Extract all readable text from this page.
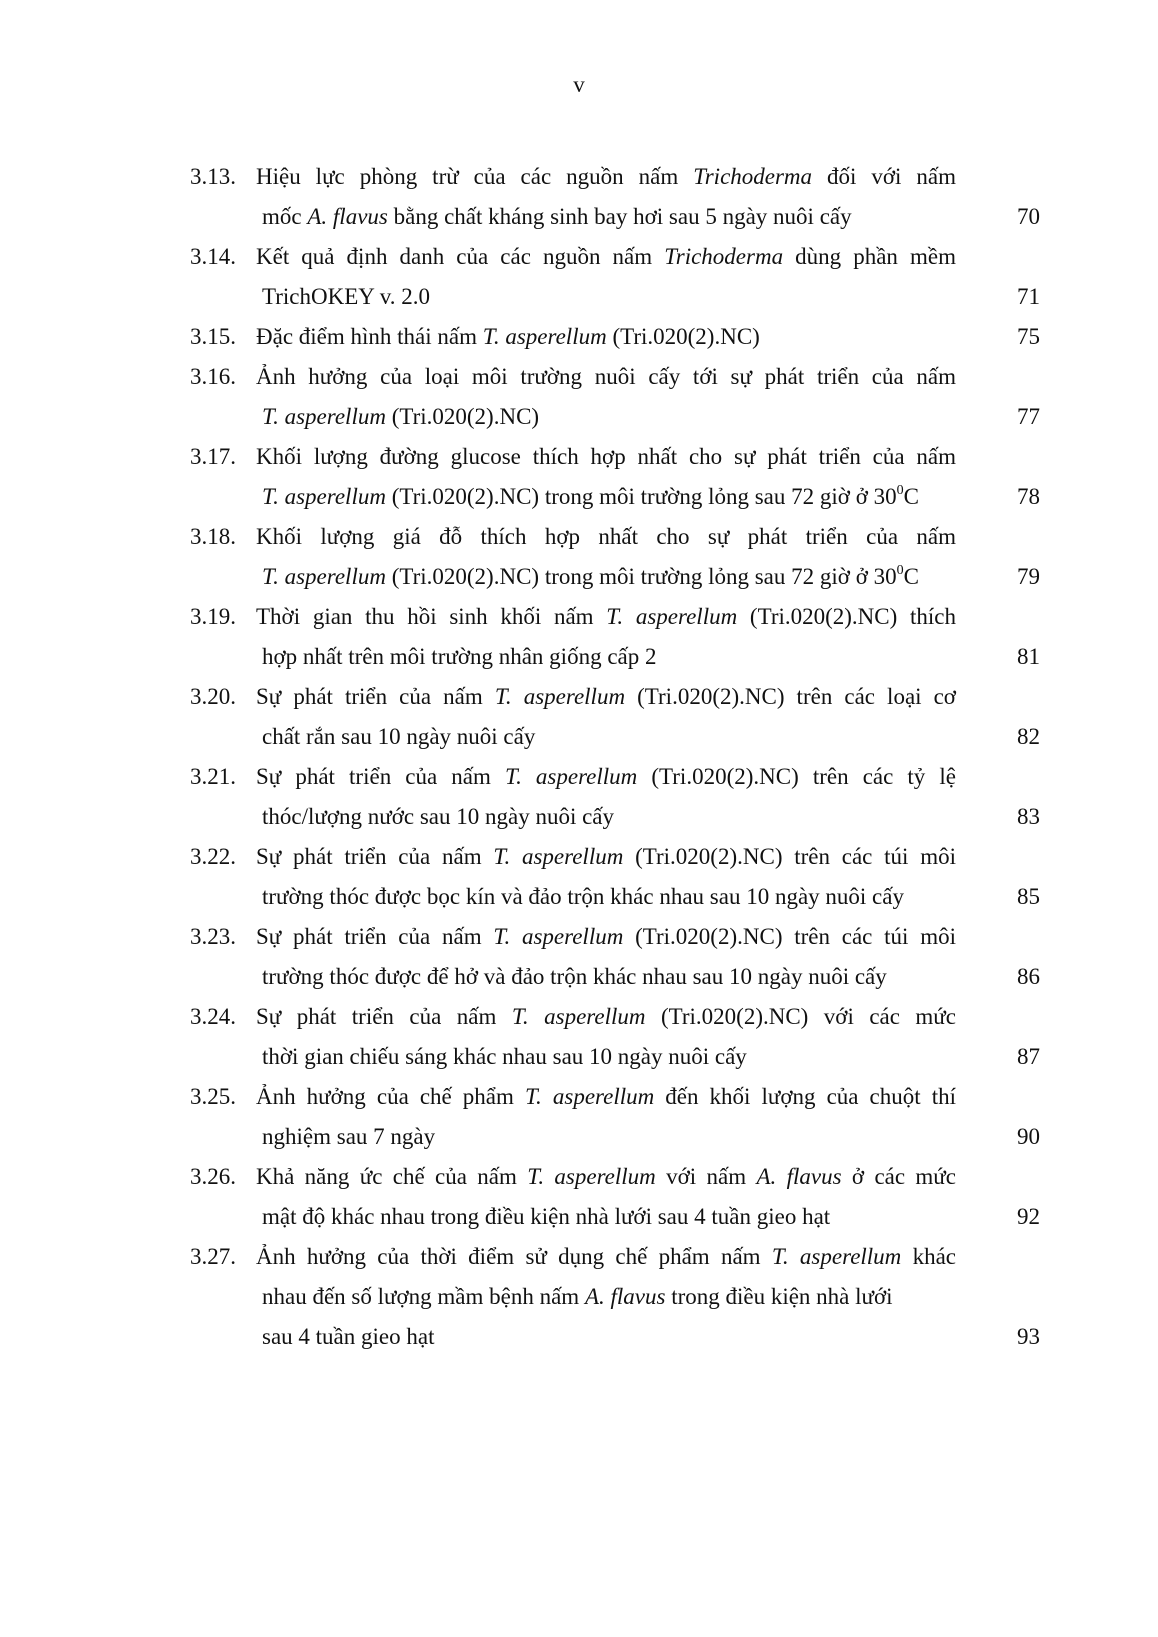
v
3.13. Hiệu lực phòng trừ của các nguồn nấm Trichoderma đối với nấm
mốc A. flavus bằng chất kháng sinh bay hơi sau 5 ngày nuôi cấy	70
3.14. Kết quả định danh của các nguồn nấm Trichoderma dùng phần mềm
TrichOKEY v. 2.0	71
3.15. Đặc điểm hình thái nấm T. asperellum (Tri.020(2).NC)	75
3.16. Ảnh hưởng của loại môi trường nuôi cấy tới sự phát triển của nấm
T. asperellum (Tri.020(2).NC)	77
3.17. Khối lượng đường glucose thích hợp nhất cho sự phát triển của nấm
T. asperellum (Tri.020(2).NC) trong môi trường lỏng sau 72 giờ ở $30^0C$	78
3.18. Khối lượng giá đỗ thích hợp nhất cho sự phát triển của nấm
T. asperellum (Tri.020(2).NC) trong môi trường lỏng sau 72 giờ ở $30^0C$	79
3.19. Thời gian thu hồi sinh khối nấm T. asperellum (Tri.020(2).NC) thích
hợp nhất trên môi trường nhân giống cấp 2	81
3.20. Sự phát triển của nấm T. asperellum (Tri.020(2).NC) trên các loại cơ
chất rắn sau 10 ngày nuôi cấy	82
3.21. Sự phát triển của nấm T. asperellum (Tri.020(2).NC) trên các tỷ lệ
thóc/lượng nước sau 10 ngày nuôi cấy	83
3.22. Sự phát triển của nấm T. asperellum (Tri.020(2).NC) trên các túi môi
trường thóc được bọc kín và đảo trộn khác nhau sau 10 ngày nuôi cấy	85
3.23. Sự phát triển của nấm T. asperellum (Tri.020(2).NC) trên các túi môi
trường thóc được để hở và đảo trộn khác nhau sau 10 ngày nuôi cấy	86
3.24. Sự phát triển của nấm T. asperellum (Tri.020(2).NC) với các mức
thời gian chiếu sáng khác nhau sau 10 ngày nuôi cấy	87
3.25. Ảnh hưởng của chế phẩm T. asperellum đến khối lượng của chuột thí
nghiệm sau 7 ngày	90
3.26. Khả năng ức chế của nấm T. asperellum với nấm A. flavus ở các mức
mật độ khác nhau trong điều kiện nhà lưới sau 4 tuần gieo hạt	92
3.27. Ảnh hưởng của thời điểm sử dụng chế phẩm nấm T. asperellum khác
nhau đến số lượng mầm bệnh nấm A. flavus trong điều kiện nhà lưới
sau 4 tuần gieo hạt	93
